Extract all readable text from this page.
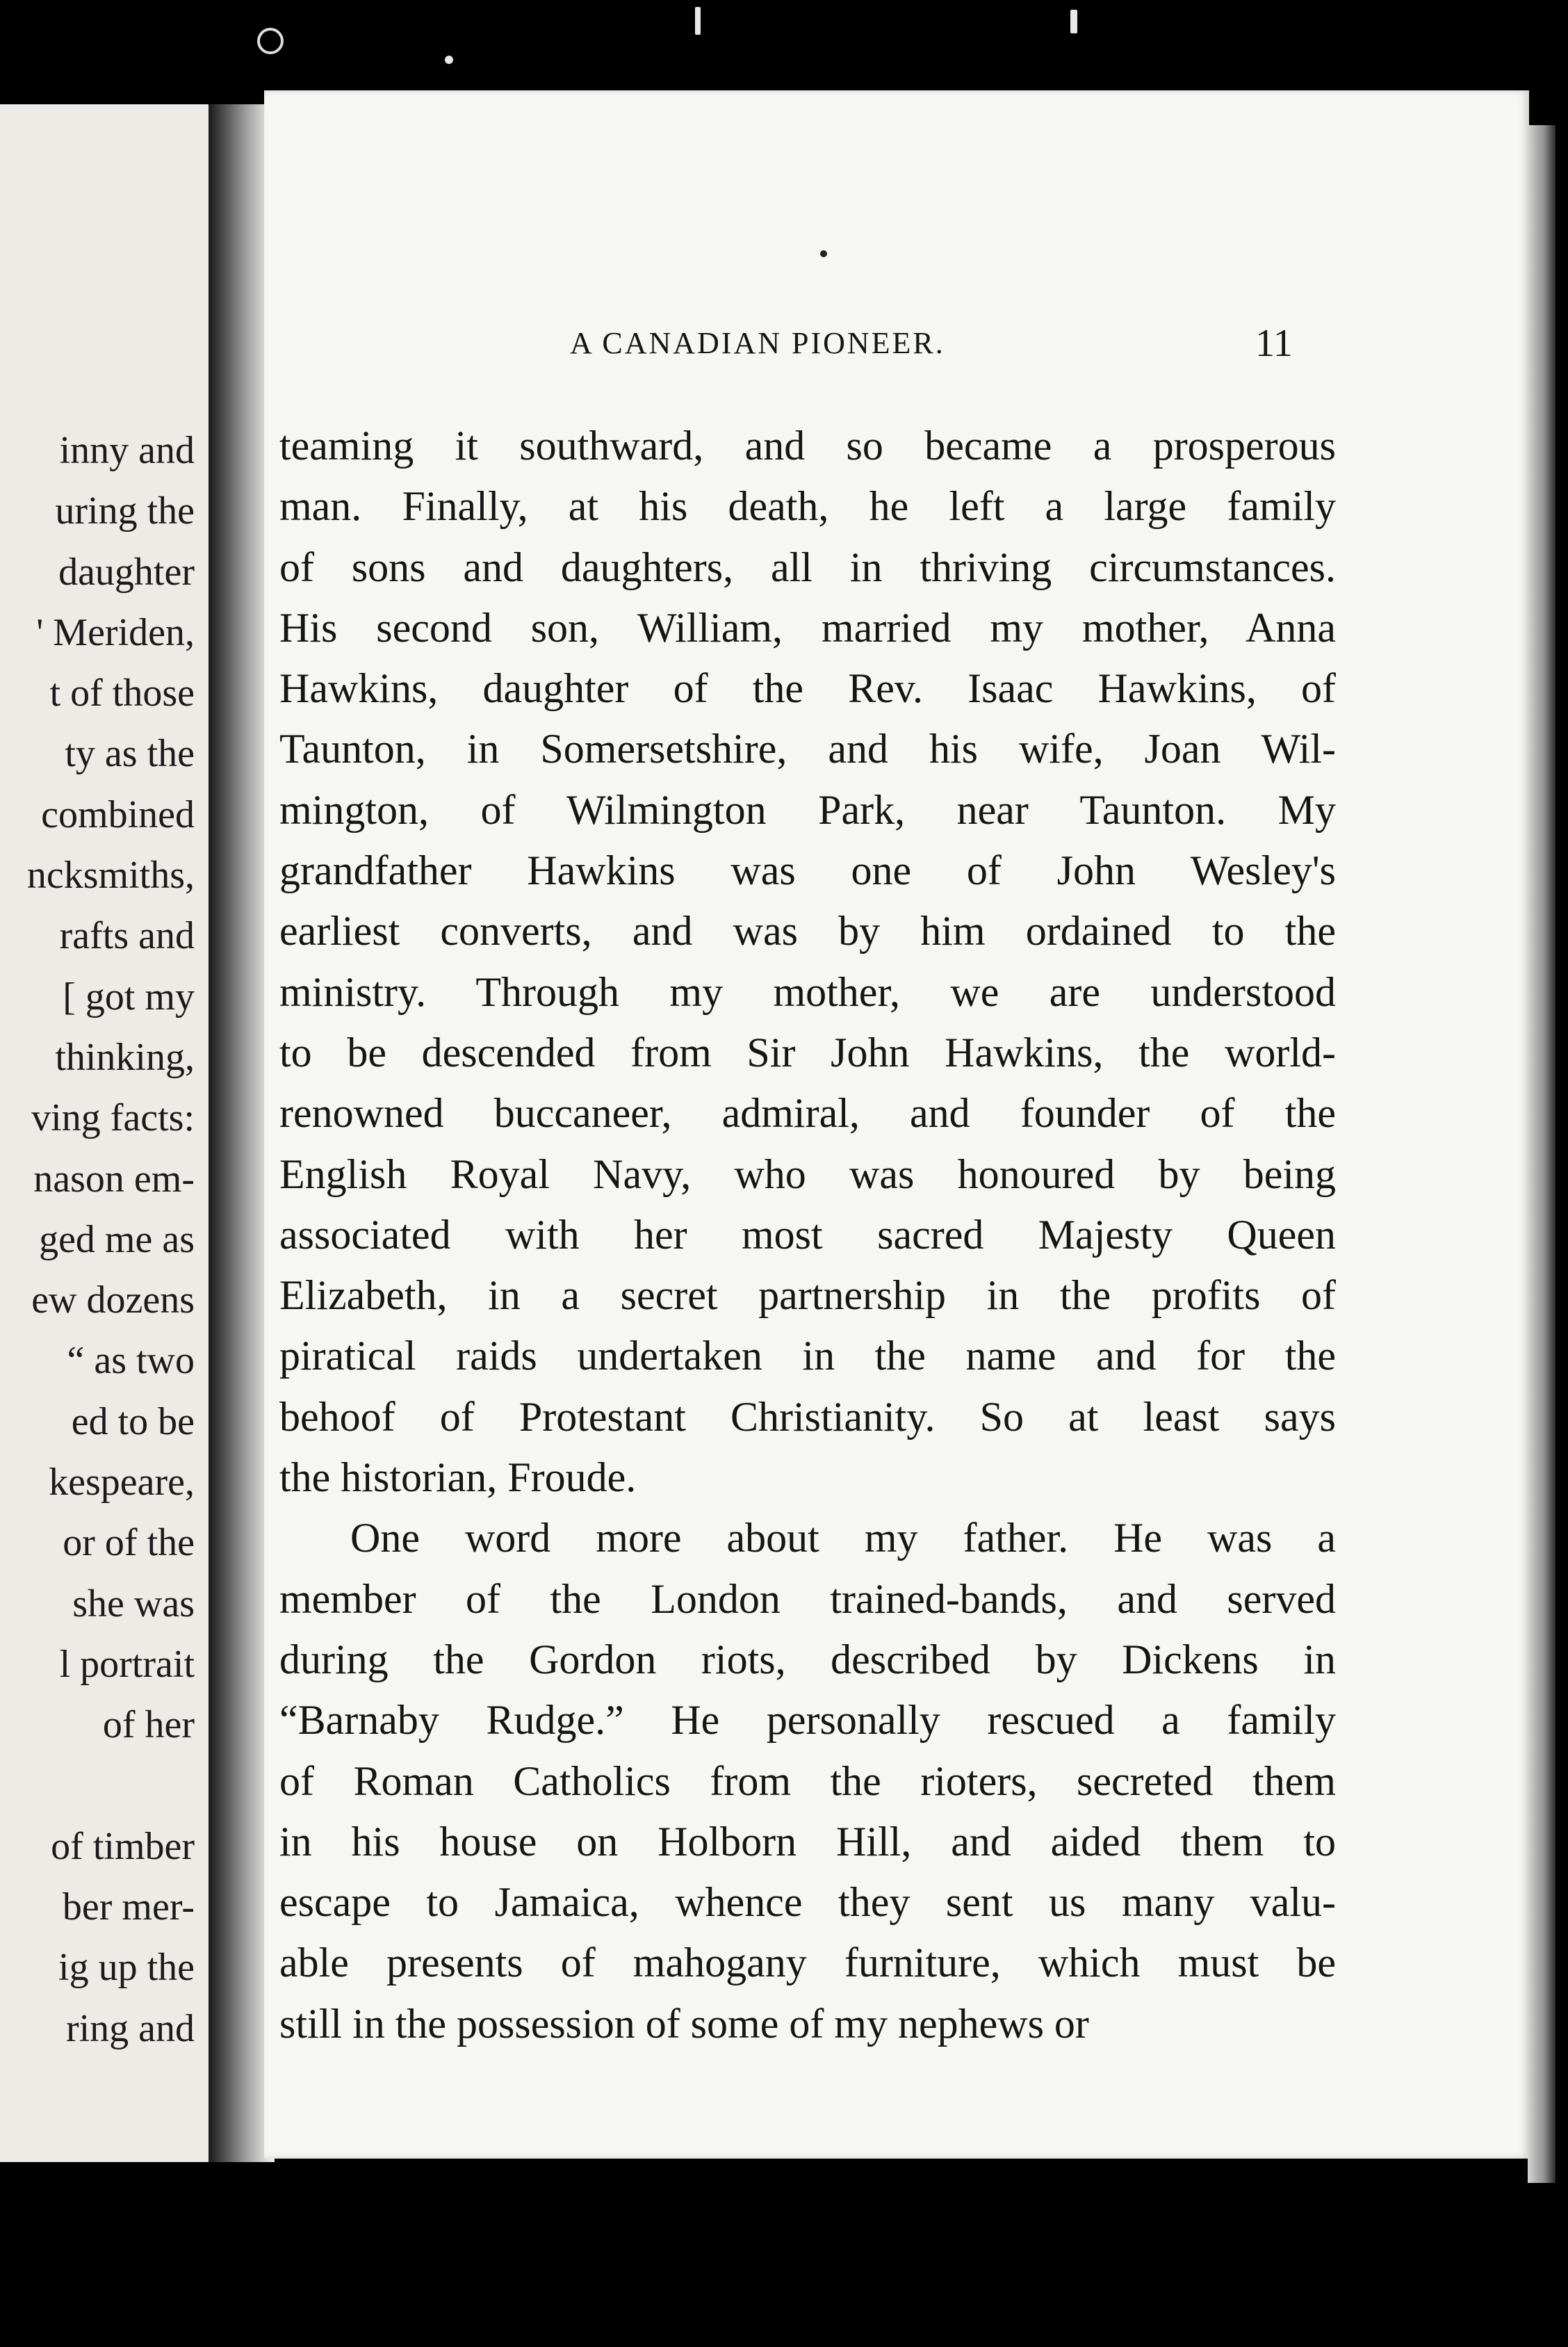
inny and
uring the
daughter
' Meriden,
t of those
ty as the
combined
ncksmiths,
rafts and
[ got my
thinking,
ving facts:
nason em-
ged me as
ew dozens
“ as two
ed to be
kespeare,
or of the
she was
l portrait
of her
of timber
ber mer-
ig up the
ring and
A CANADIAN PIONEER.	11
teaming it southward, and so became a prosperous
man. Finally, at his death, he left a large family
of sons and daughters, all in thriving circumstances.
His second son, William, married my mother, Anna
Hawkins, daughter of the Rev. Isaac Hawkins, of
Taunton, in Somersetshire, and his wife, Joan Wil-
mington, of Wilmington Park, near Taunton. My
grandfather Hawkins was one of John Wesley's
earliest converts, and was by him ordained to the
ministry. Through my mother, we are understood
to be descended from Sir John Hawkins, the world-
renowned buccaneer, admiral, and founder of the
English Royal Navy, who was honoured by being
associated with her most sacred Majesty Queen
Elizabeth, in a secret partnership in the profits of
piratical raids undertaken in the name and for the
behoof of Protestant Christianity. So at least says
the historian, Froude.
One word more about my father. He was a
member of the London trained-bands, and served
during the Gordon riots, described by Dickens in
“Barnaby Rudge.” He personally rescued a family
of Roman Catholics from the rioters, secreted them
in his house on Holborn Hill, and aided them to
escape to Jamaica, whence they sent us many valu-
able presents of mahogany furniture, which must be
still in the possession of some of my nephews or
